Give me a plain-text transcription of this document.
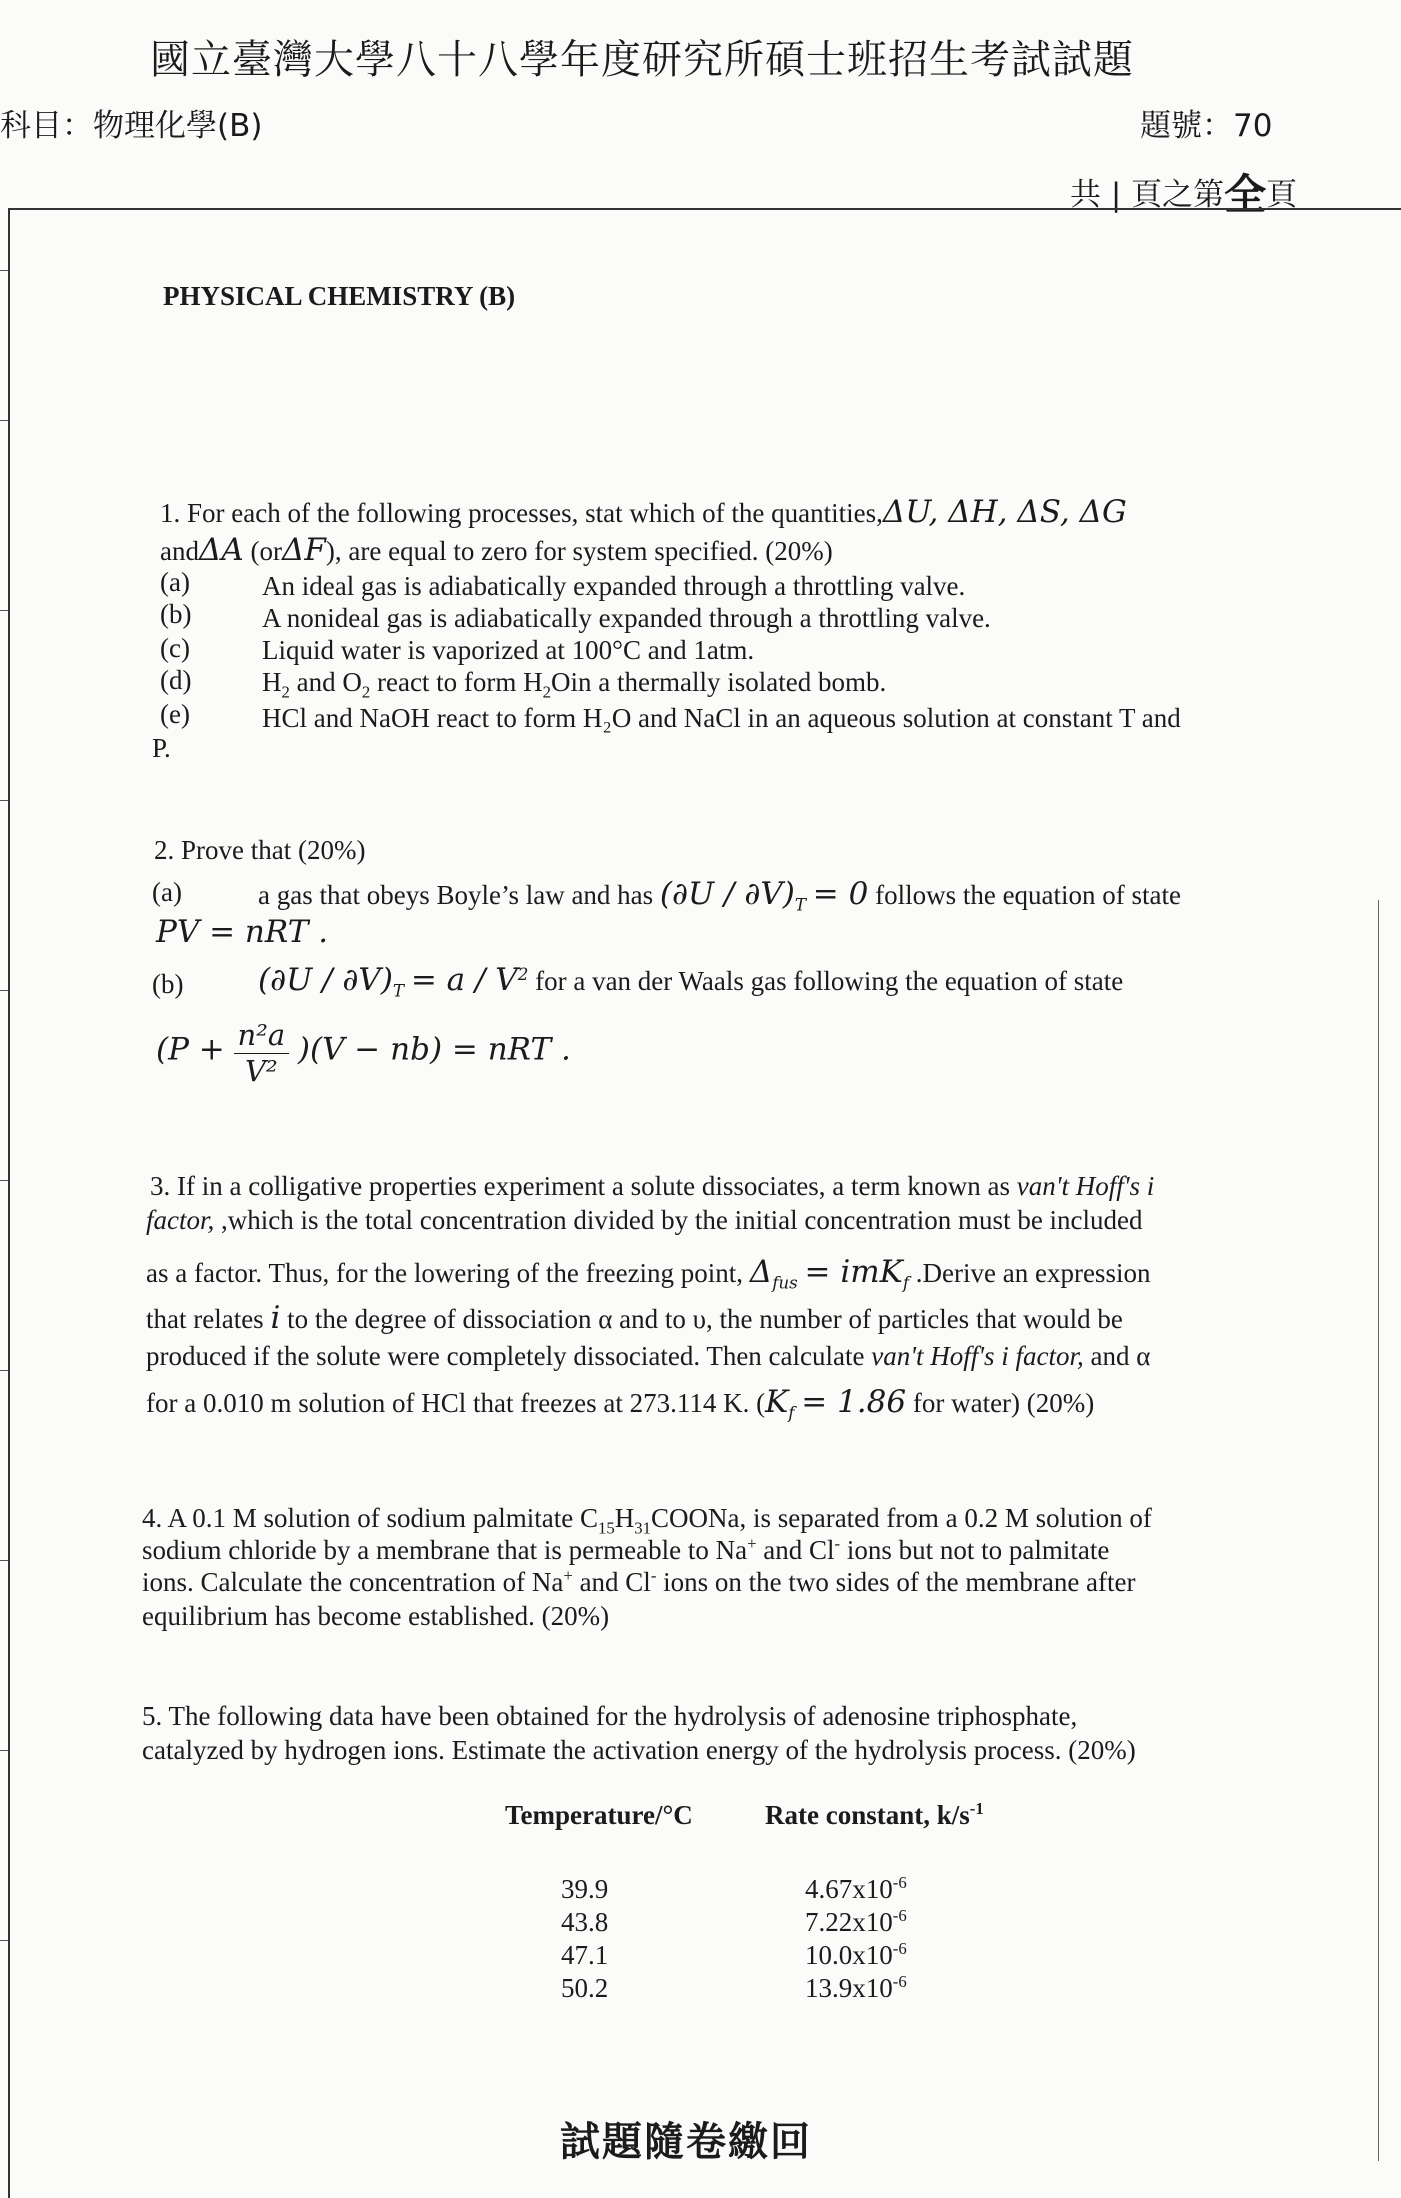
國立臺灣大學八十八學年度研究所碩士班招生考試試題
科目：物理化學(B)	題號：70
共 | 頁之第全頁
PHYSICAL CHEMISTRY (B)
1. For each of the following processes, stat which of the quantities,ΔU, ΔH, ΔS, ΔG
andΔA (orΔF), are equal to zero for system specified. (20%)
(a)	An ideal gas is adiabatically expanded through a throttling valve.
(b)	A nonideal gas is adiabatically expanded through a throttling valve.
(c)	Liquid water is vaporized at 100°C and 1atm.
(d)	$H_2$ and $O_2$ react to form $H_2Oin$ a thermally isolated bomb.
(e)	HCl and NaOH react to form H₂O and NaCl in an aqueous solution at constant T and
P.
2. Prove that (20%)
(a)	a gas that obeys Boyle’s law and has $(\partial U / \partial V)_T = 0$ follows the equation of state
PV = nRT .
(b) $(\partial U / \partial V)_T = a / V^2$ for a van der Waals gas following the equation of state
$(P + \frac{\text{n²a}}{\text{V²}} )(V - nb)$ = nRT .
3. If in a colligative properties experiment a solute dissociates, a term known as van't Hoff's i
factor, ,which is the total concentration divided by the initial concentration must be included
as a factor. Thus, for the lowering of the freezing point, $\Delta_{fus} = imK_f$ .Derive an expression
that relates i to the degree of dissociation α and to υ, the number of particles that would be
produced if the solute were completely dissociated. Then calculate van't Hoff's i factor, and α
for a 0.010 m solution of HCl that freezes at 273.114 K. ($K_f = 1.86$ for water) (20%)
4. A 0.1 M solution of sodium palmitate $C_{15}H_{31}COONa$, is separated from a 0.2 M solution of
sodium chloride by a membrane that is permeable to Na+ and Cl- ions but not to palmitate
ions. Calculate the concentration of Na+ and Cl- ions on the two sides of the membrane after
equilibrium has become established. (20%)
5. The following data have been obtained for the hydrolysis of adenosine triphosphate,
catalyzed by hydrogen ions. Estimate the activation energy of the hydrolysis process. (20%)
Temperature/°C	Rate constant, $k/s^{-1}$
39.9	$4.67x10^{-6}$
43.8	$7.22x10^{-6}$
47.1	$10.0x10^{-6}$
50.2	$13.9x10^{-6}$
試題隨卷繳回
